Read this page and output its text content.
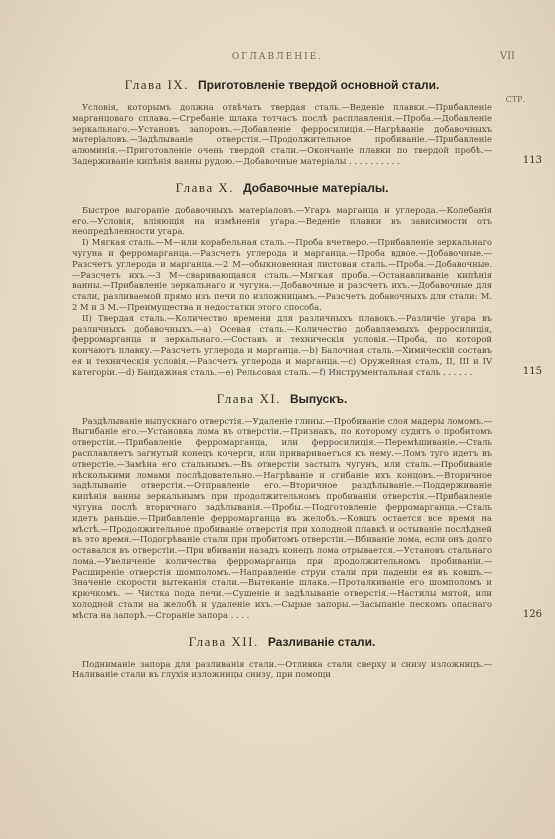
ОГЛАВЛЕНІЕ.	VII
СТР.
Глава IX. Приготовленіе твердой основной стали.

Условія, которымъ должна отвѣчать твердая сталь.—Веденіе плавки.—Прибавленіе марганцоваго сплава.—Сгребаніе шлака тотчасъ послѣ расплавленія.—Проба.—Добавленіе зеркальнаго.—Установъ запоровъ.—Добавленіе ферросилиція.—Нагрѣваніе добавочныхъ матеріаловъ.—Задѣлываніе отверстія.—Продолжительное пробиваніе.—Прибавленіе алюминія.—Приготовленіе очень твердой стали.—Окончаніе плавки по твердой пробѣ.—Задерживаніе кипѣнія ванны рудою.—Добавочные матеріалы . . . . . . . . . .	113

Глава X. Добавочные матеріалы.

Быстрое выгораніе добавочныхъ матеріаловъ.—Угаръ марганца и углерода.—Колебанія его.—Условія, вліяющія на измѣненія угара.—Веденіе плавки въ зависимости отъ неопредѣленности угара.

I) Мягкая сталь.—М—или корабельная сталь.—Проба вчетверо.—Прибавленіе зеркальнаго чугуна и ферромарганца.—Разсчетъ углерода и марганца.—Проба вдвое.—Добавочные.—Разсчетъ углерода и марганца.—2 М—обыкновенная листовая сталь.—Проба.—Добавочные.—Разсчетъ ихъ.—3 М—сваривающаяся сталь.—Мягкая проба.—Останавливаніе кипѣнія ванны.—Прибавленіе зеркальнаго и чугуна.—Добавочные и разсчетъ ихъ.—Добавочные для стали, разливаемой прямо изъ печи по изложницамъ.—Разсчетъ добавочныхъ для стали: М. 2 М и 3 М.—Преимущества и недостатки этого способа.

II) Твердая сталь.—Количество времени для различныхъ плавокъ.—Различіе угара въ различныхъ добавочныхъ.—а) Осевая сталь.—Количество добавляемыхъ ферросилиція, ферромарганца и зеркальнаго.—Составъ и техническія условія.—Проба, по которой кончаютъ плавку.—Разсчетъ углерода и марганца.—b) Балочная сталь.—Химическій составъ ея и техническія условія.—Разсчетъ углерода и марганца.—с) Оружейная сталь, II, III и IV категоріи.—d) Бандажная сталь.—е) Рельсовая сталь.—f) Инструментальная сталь . . . . . .	115

Глава XI. Выпускъ.

Раздѣлываніе выпускнаго отверстія.—Удаленіе глины.—Пробиваніе слоя мадеры ломомъ.—Выгибаніе его.—Установка лома въ отверстіи.—Признакъ, по которому судятъ о пробитомъ отверстіи.—Прибавленіе ферромарганца, или ферросилиція.—Перемѣшиваніе.—Сталь расплавляетъ загнутый конецъ кочерги, или привариваетъся къ нему.—Ломъ туго идетъ въ отверстіе.—Замѣна его стальнымъ.—Въ отверстіи застылъ чугунъ, или сталь.—Пробиваніе нѣсколькими ломами послѣдовательно.—Нагрѣваніе и сгибаніе ихъ концовъ.—Вторичное задѣлываніе отверстія.—Отправленіе его.—Вторичное раздѣлываніе.—Поддерживаніе кипѣнія ванны зеркальнымъ при продолжительномъ пробиваніи отверстія.—Прибавленіе чугуна послѣ вторичнаго задѣлыванія.—Пробы.—Подготовленіе ферромарганца.—Сталь идетъ раньше.—Прибавленіе ферромарганца въ желобъ.—Ковшъ остается все время на мѣстѣ.—Продолжительное пробиваніе отверстія при холодной плавкѣ и остываніе послѣдней въ это время.—Подогрѣваніе стали при пробитомъ отверстіи.—Вбиваніе лома, если онъ долго оставался въ отверстіи.—При вбиваніи назадъ конецъ лома отрывается.—Установъ стальнаго лома.—Увеличеніе количества ферромарганца при продолжительномъ пробиваніи.—Расширеніе отверстія шомполомъ.—Направленіе струи стали при паденіи ея въ ковшъ.—Значеніе скорости вытеканія стали.—Вытеканіе шлака.—Проталкиваніе его шомполомъ и крючкомъ. — Чистка пода печи.—Сушеніе и задѣлываніе отверстія.—Настилы мятой, или холодной стали на желобѣ и удаленіе ихъ.—Сырые запоры.—Засыпаніе пескомъ опаснаго мѣста на запорѣ.—Сгораніе запора . . . .	126

Глава XII. Разливаніе стали.

Подниманіе запора для разливанія стали.—Отливка стали сверху и снизу изложницъ.—Наливаніе стали въ глухія изложницы снизу, при помощи
